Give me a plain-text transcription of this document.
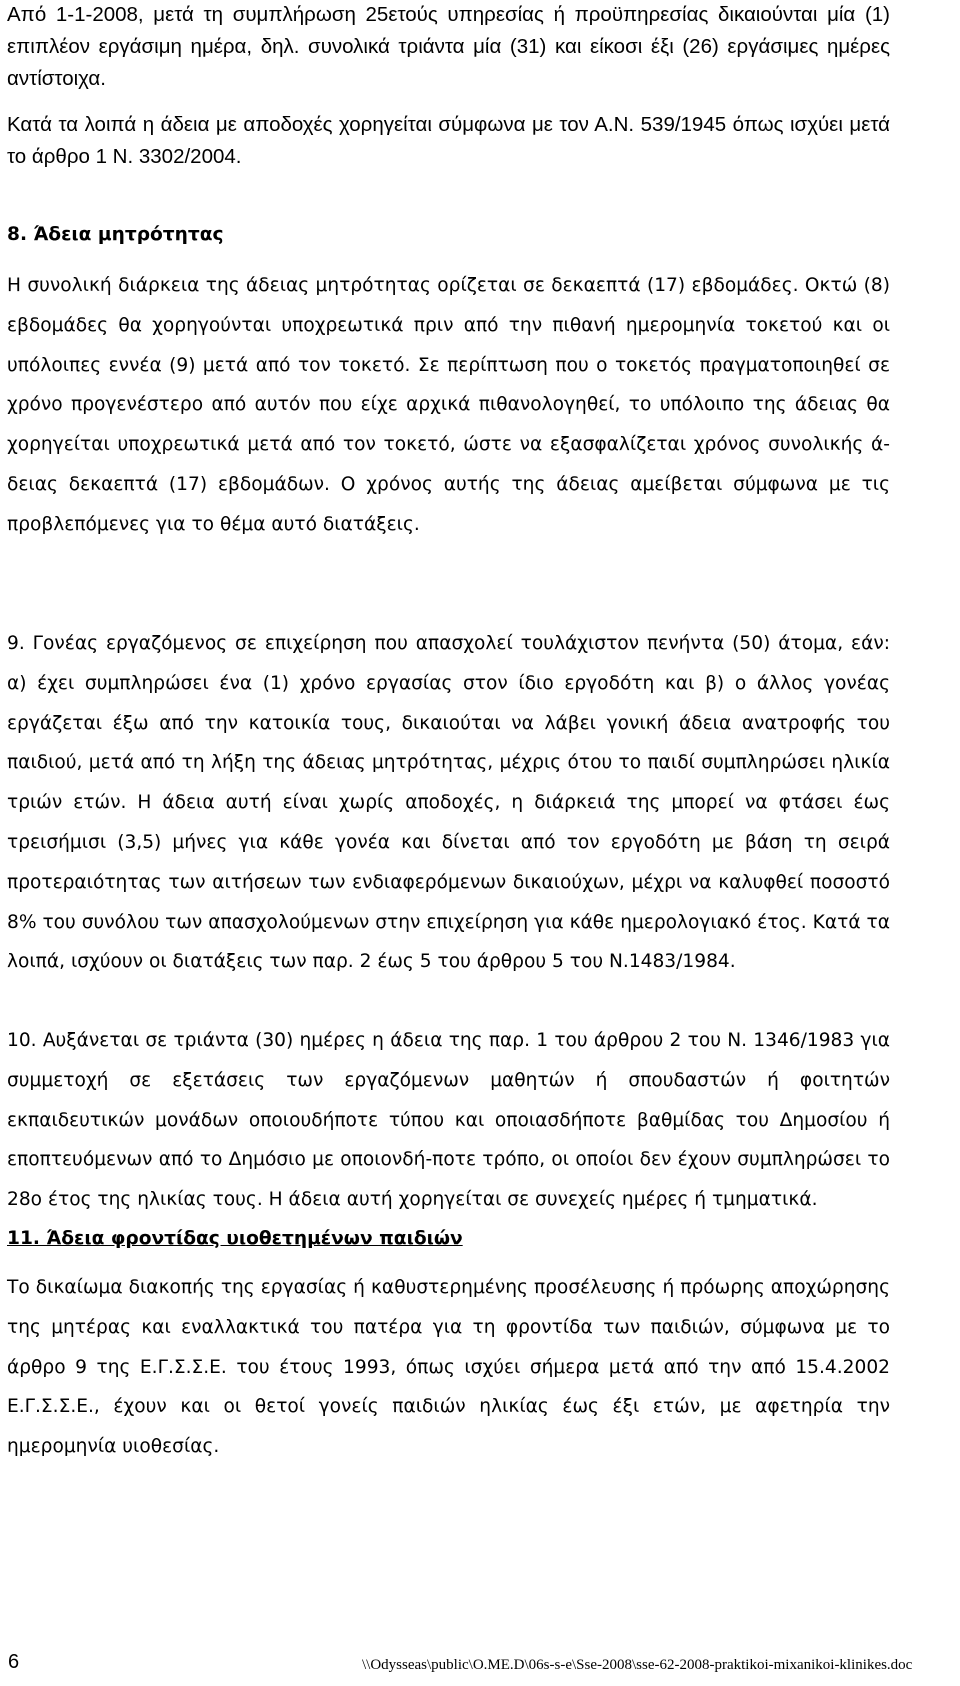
Από 1-1-2008, μετά τη συμπλήρωση 25ετούς υπηρεσίας ή προϋπηρεσίας δικαιούνται μία (1) επιπλέον εργάσιμη ημέρα, δηλ. συνολικά τριάντα μία (31) και είκοσι έξι (26) εργάσιμες ημέρες αντίστοιχα.

Κατά τα λοιπά η άδεια με αποδοχές χορηγείται σύμφωνα με τον Α.Ν. 539/1945 όπως ισχύει μετά το άρθρο 1 Ν. 3302/2004.

8. Άδεια μητρότητας

Η συνολική διάρκεια της άδειας μητρότητας ορίζεται σε δεκαεπτά (17) εβδομάδες. Οκτώ (8) εβδομάδες θα χορηγούνται υποχρεωτικά πριν από την πιθανή ημερομηνία τοκετού και οι υπόλοιπες εννέα (9) μετά από τον τοκετό. Σε περίπτωση που ο τοκετός πραγματοποιηθεί σε χρόνο προγενέστερο από αυτόν που είχε αρχικά πιθανολογηθεί, το υπόλοιπο της άδειας θα χορηγείται υποχρεωτικά μετά από τον τοκετό, ώστε να εξασφαλίζεται χρόνος συνολικής ά-δειας δεκαεπτά (17) εβδομάδων. Ο χρόνος αυτής της άδειας αμείβεται σύμφωνα με τις προβλεπόμενες για το θέμα αυτό διατάξεις.

9. Γονέας εργαζόμενος σε επιχείρηση που απασχολεί τουλάχιστον πενήντα (50) άτομα, εάν: α) έχει συμπληρώσει ένα (1) χρόνο εργασίας στον ίδιο εργοδότη και β) ο άλλος γονέας εργάζεται έξω από την κατοικία τους, δικαιούται να λάβει γονική άδεια ανατροφής του παιδιού, μετά από τη λήξη της άδειας μητρότητας, μέχρις ότου το παιδί συμπληρώσει ηλικία τριών ετών. Η άδεια αυτή είναι χωρίς αποδοχές, η διάρκειά της μπορεί να φτάσει έως τρεισήμισι (3,5) μήνες για κάθε γονέα και δίνεται από τον εργοδότη με βάση τη σειρά προτεραιότητας των αιτήσεων των ενδιαφερόμενων δικαιούχων, μέχρι να καλυφθεί ποσοστό 8% του συνόλου των απασχολούμενων στην επιχείρηση για κάθε ημερολογιακό έτος. Κατά τα λοιπά, ισχύουν οι διατάξεις των παρ. 2 έως 5 του άρθρου 5 του Ν.1483/1984.

10. Αυξάνεται σε τριάντα (30) ημέρες η άδεια της παρ. 1 του άρθρου 2 του Ν. 1346/1983 για συμμετοχή σε εξετάσεις των εργαζόμενων μαθητών ή σπουδαστών ή φοιτητών εκπαιδευτικών μονάδων οποιουδήποτε τύπου και οποιασδήποτε βαθμίδας του Δημοσίου ή εποπτευόμενων από το Δημόσιο με οποιονδή-ποτε τρόπο, οι οποίοι δεν έχουν συμπληρώσει το 28ο έτος της ηλικίας τους. Η άδεια αυτή χορηγείται σε συνεχείς ημέρες ή τμηματικά.

11. Άδεια φροντίδας υιοθετημένων παιδιών

Το δικαίωμα διακοπής της εργασίας ή καθυστερημένης προσέλευσης ή πρόωρης αποχώρησης της μητέρας και εναλλακτικά του πατέρα για τη φροντίδα των παιδιών, σύμφωνα με το άρθρο 9 της Ε.Γ.Σ.Σ.Ε. του έτους 1993, όπως ισχύει σήμερα μετά από την από 15.4.2002 Ε.Γ.Σ.Σ.Ε., έχουν και οι θετοί γονείς παιδιών ηλικίας έως έξι ετών, με αφετηρία την ημερομηνία υιοθεσίας.

6	\\Odysseas\public\O.ME.D\06s-s-e\Sse-2008\sse-62-2008-praktikoi-mixanikoi-klinikes.doc
